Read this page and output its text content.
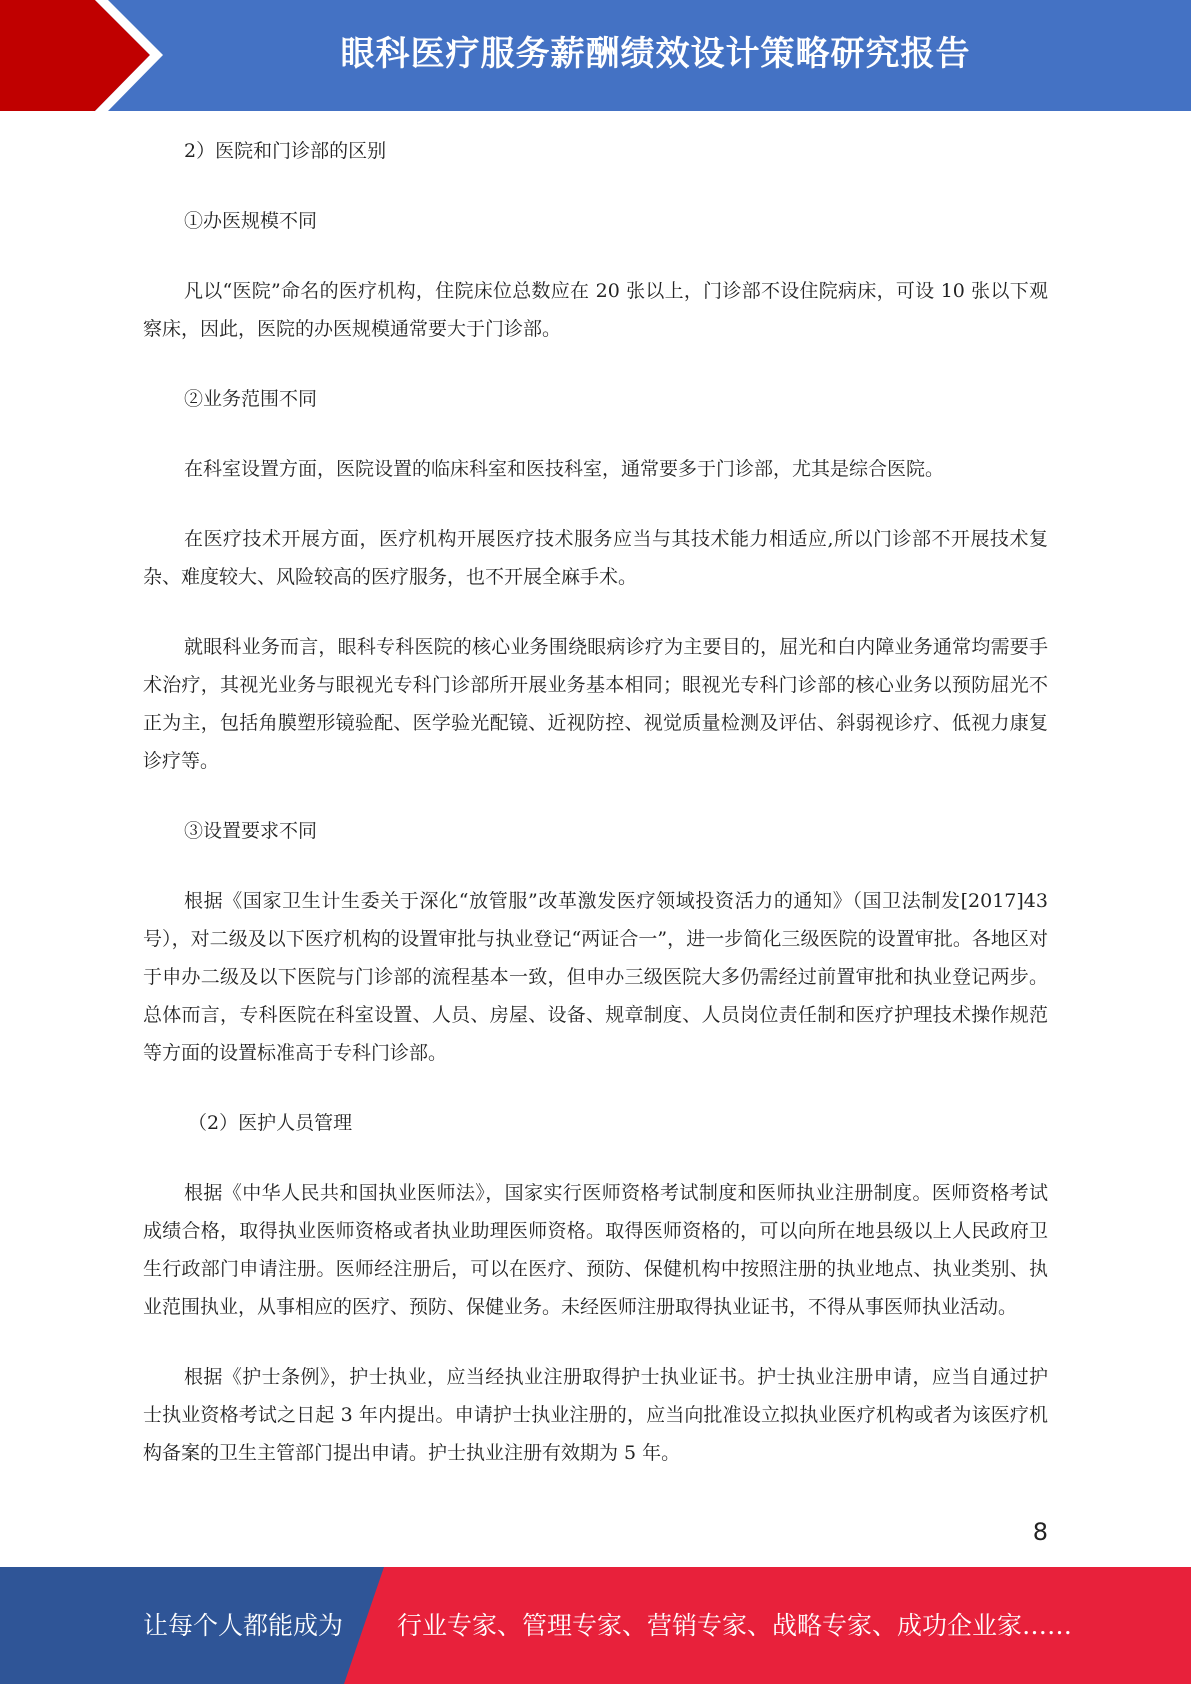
眼科医疗服务薪酬绩效设计策略研究报告

2）医院和门诊部的区别

①办医规模不同

凡以“医院”命名的医疗机构，住院床位总数应在 20 张以上，门诊部不设住院病床，可设 10 张以下观察床，因此，医院的办医规模通常要大于门诊部。

②业务范围不同

在科室设置方面，医院设置的临床科室和医技科室，通常要多于门诊部，尤其是综合医院。

在医疗技术开展方面，医疗机构开展医疗技术服务应当与其技术能力相适应,所以门诊部不开展技术复杂、难度较大、风险较高的医疗服务，也不开展全麻手术。

就眼科业务而言，眼科专科医院的核心业务围绕眼病诊疗为主要目的，屈光和白内障业务通常均需要手术治疗，其视光业务与眼视光专科门诊部所开展业务基本相同；眼视光专科门诊部的核心业务以预防屈光不正为主，包括角膜塑形镜验配、医学验光配镜、近视防控、视觉质量检测及评估、斜弱视诊疗、低视力康复诊疗等。

③设置要求不同

根据《国家卫生计生委关于深化“放管服”改革激发医疗领域投资活力的通知》（国卫法制发[2017]43 号），对二级及以下医疗机构的设置审批与执业登记“两证合一”，进一步简化三级医院的设置审批。各地区对于申办二级及以下医院与门诊部的流程基本一致，但申办三级医院大多仍需经过前置审批和执业登记两步。总体而言，专科医院在科室设置、人员、房屋、设备、规章制度、人员岗位责任制和医疗护理技术操作规范等方面的设置标准高于专科门诊部。

（2）医护人员管理

根据《中华人民共和国执业医师法》，国家实行医师资格考试制度和医师执业注册制度。医师资格考试成绩合格，取得执业医师资格或者执业助理医师资格。取得医师资格的，可以向所在地县级以上人民政府卫生行政部门申请注册。医师经注册后，可以在医疗、预防、保健机构中按照注册的执业地点、执业类别、执业范围执业，从事相应的医疗、预防、保健业务。未经医师注册取得执业证书，不得从事医师执业活动。

根据《护士条例》，护士执业，应当经执业注册取得护士执业证书。护士执业注册申请，应当自通过护士执业资格考试之日起 3 年内提出。申请护士执业注册的，应当向批准设立拟执业医疗机构或者为该医疗机构备案的卫生主管部门提出申请。护士执业注册有效期为 5 年。

8
让每个人都能成为 行业专家、管理专家、营销专家、战略专家、成功企业家……
